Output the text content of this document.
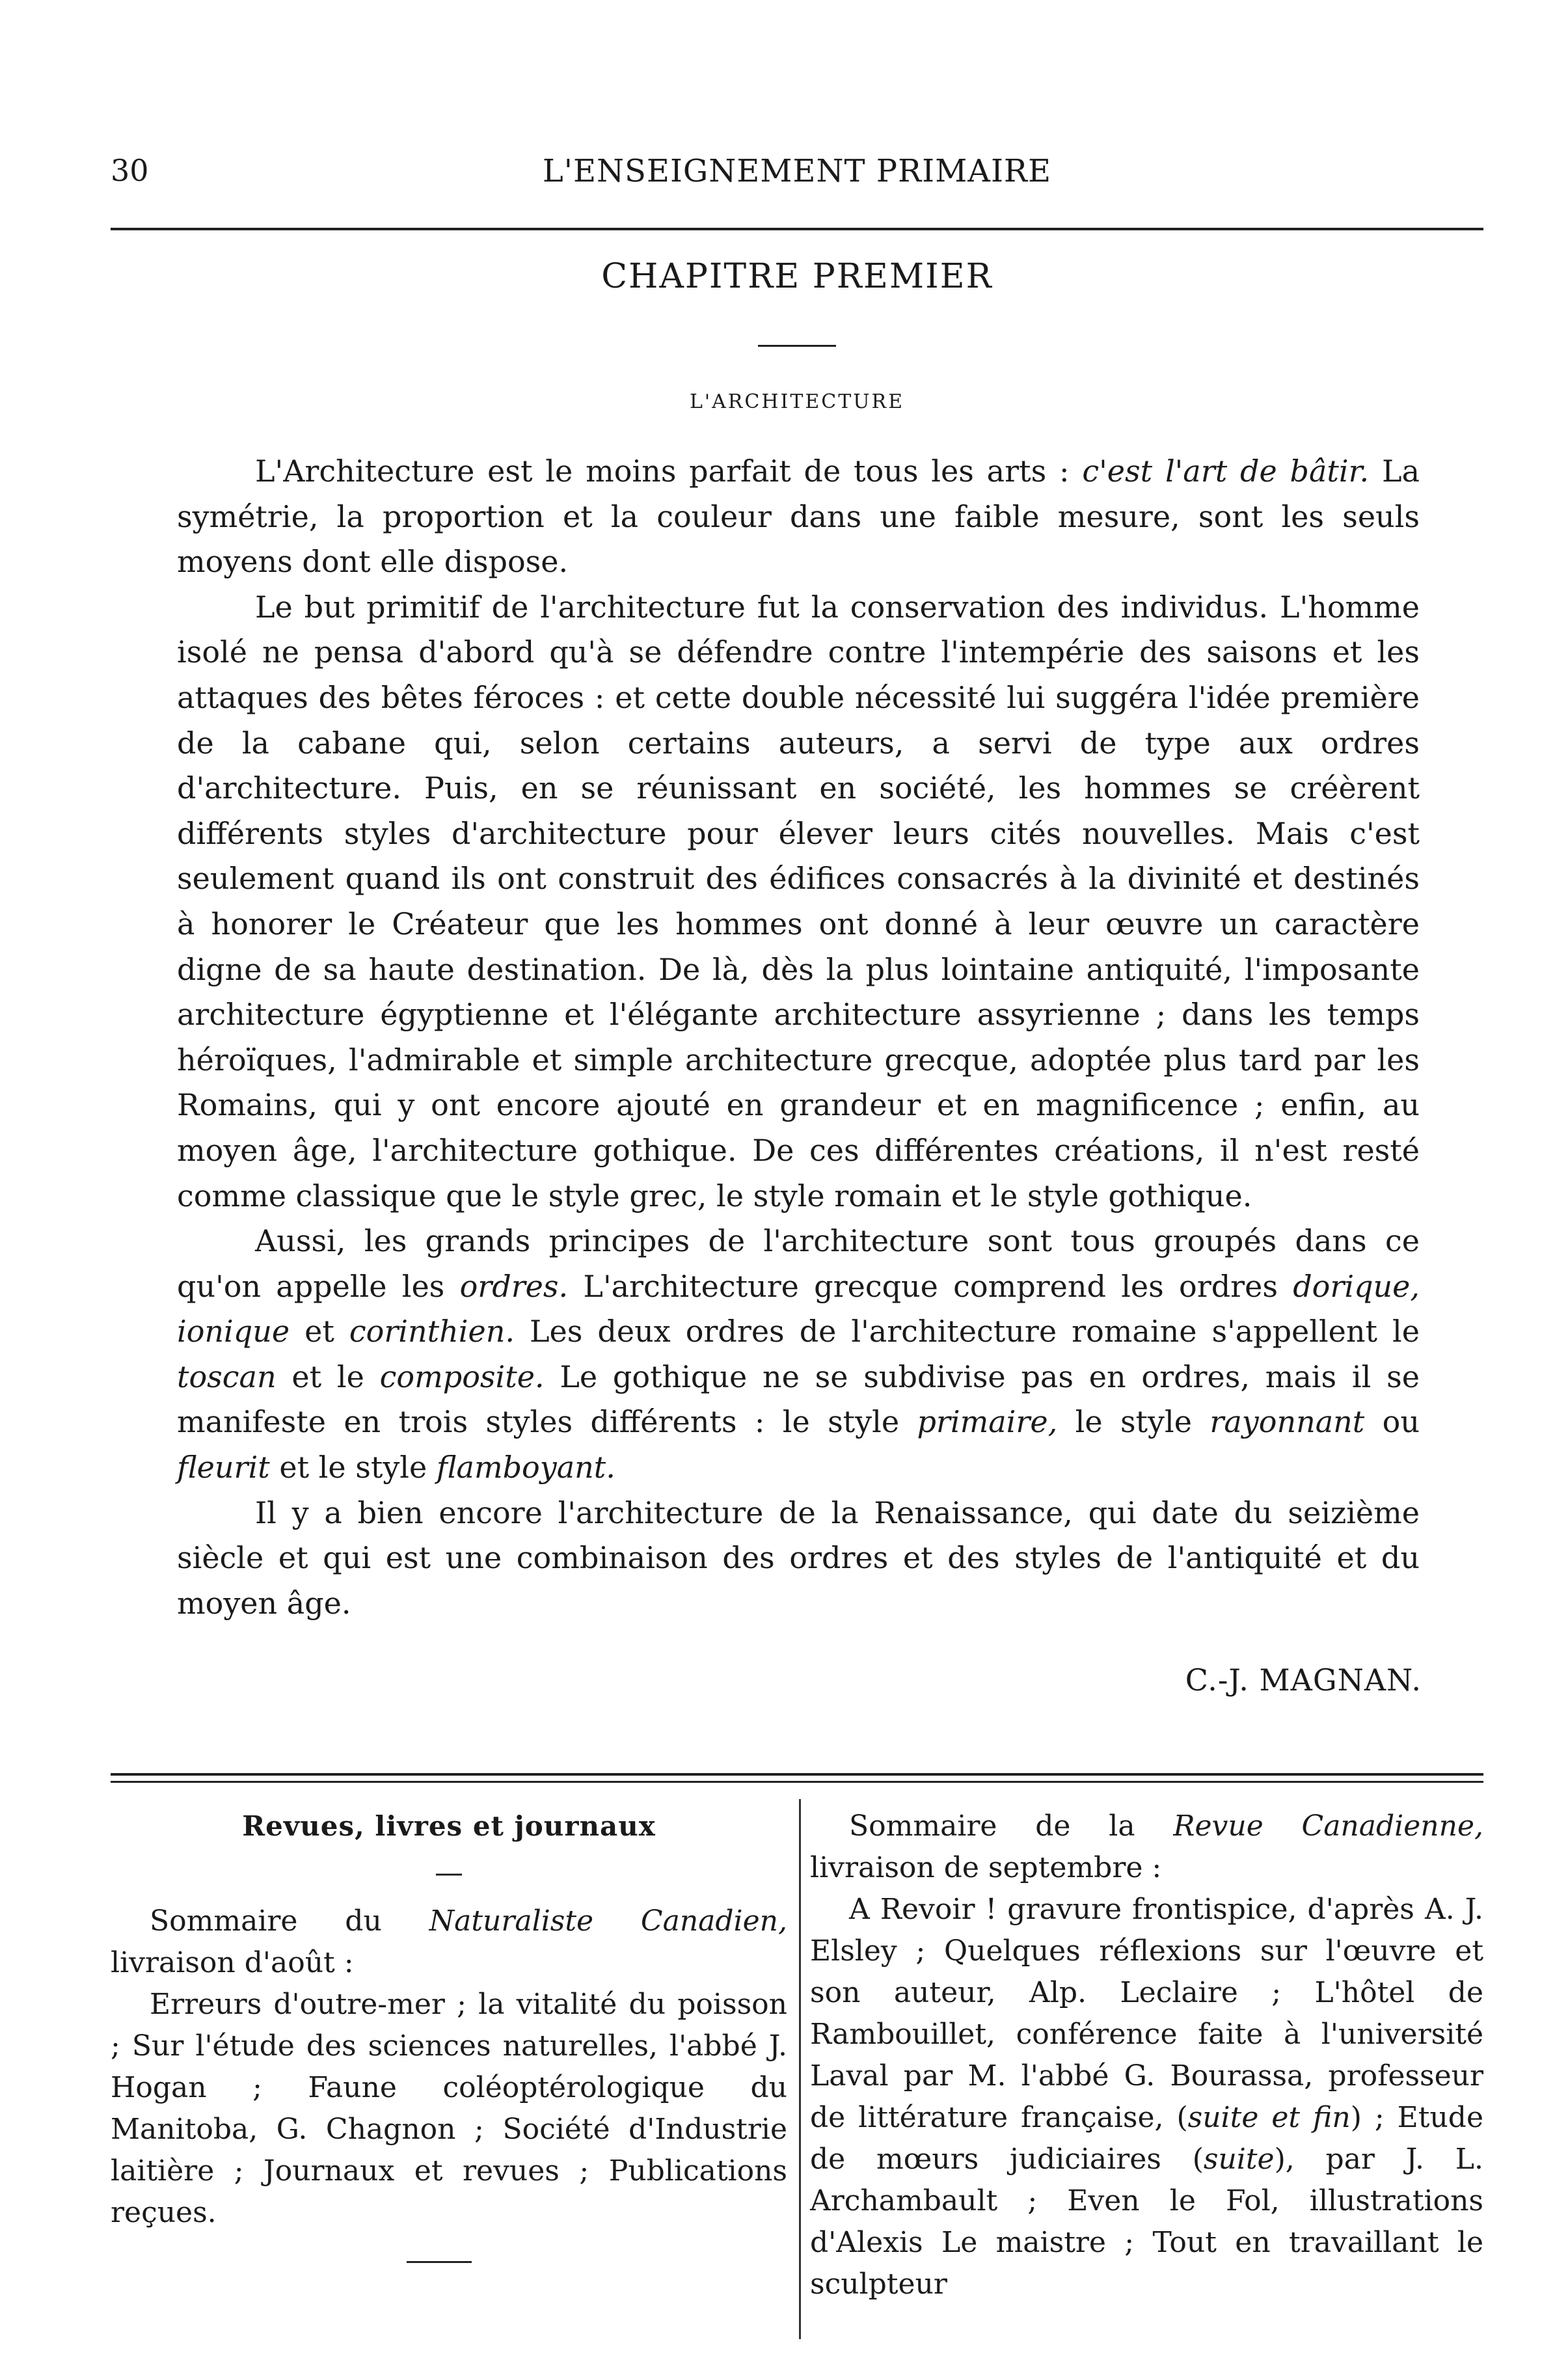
30	L'ENSEIGNEMENT PRIMAIRE
CHAPITRE PREMIER
L'ARCHITECTURE

L'Architecture est le moins parfait de tous les arts : c'est l'art de bâtir. La symétrie, la proportion et la couleur dans une faible mesure, sont les seuls moyens dont elle dispose.

Le but primitif de l'architecture fut la conservation des individus. L'homme isolé ne pensa d'abord qu'à se défendre contre l'intempérie des saisons et les attaques des bêtes féroces : et cette double nécessité lui suggéra l'idée première de la cabane qui, selon certains auteurs, a servi de type aux ordres d'architecture. Puis, en se réunissant en société, les hommes se créèrent différents styles d'architecture pour élever leurs cités nouvelles. Mais c'est seulement quand ils ont construit des édifices consacrés à la divinité et destinés à honorer le Créateur que les hommes ont donné à leur œuvre un caractère digne de sa haute destination. De là, dès la plus lointaine antiquité, l'imposante architecture égyptienne et l'élégante architecture assyrienne ; dans les temps héroïques, l'admirable et simple architecture grecque, adoptée plus tard par les Romains, qui y ont encore ajouté en grandeur et en magnificence ; enfin, au moyen âge, l'architecture gothique. De ces différentes créations, il n'est resté comme classique que le style grec, le style romain et le style gothique.

Aussi, les grands principes de l'architecture sont tous groupés dans ce qu'on appelle les ordres. L'architecture grecque comprend les ordres dorique, ionique et corinthien. Les deux ordres de l'architecture romaine s'appellent le toscan et le composite. Le gothique ne se subdivise pas en ordres, mais il se manifeste en trois styles différents : le style primaire, le style rayonnant ou fleurit et le style flamboyant.

Il y a bien encore l'architecture de la Renaissance, qui date du seizième siècle et qui est une combinaison des ordres et des styles de l'antiquité et du moyen âge.

C.-J. MAGNAN.
Revues, livres et journaux
—

Sommaire du Naturaliste Canadien, livraison d'août :

Erreurs d'outre-mer ; la vitalité du poisson ; Sur l'étude des sciences naturelles, l'abbé J. Hogan ; Faune coléoptérologique du Manitoba, G. Chagnon ; Société d'Industrie laitière ; Journaux et revues ; Publications reçues.

Sommaire de la Revue Canadienne, livraison de septembre :

A Revoir ! gravure frontispice, d'après A. J. Elsley ; Quelques réflexions sur l'œuvre et son auteur, Alp. Leclaire ; L'hôtel de Rambouillet, conférence faite à l'université Laval par M. l'abbé G. Bourassa, professeur de littérature française, (suite et fin) ; Etude de mœurs judiciaires (suite), par J. L. Archambault ; Even le Fol, illustrations d'Alexis Le maistre ; Tout en travaillant le sculpteur
